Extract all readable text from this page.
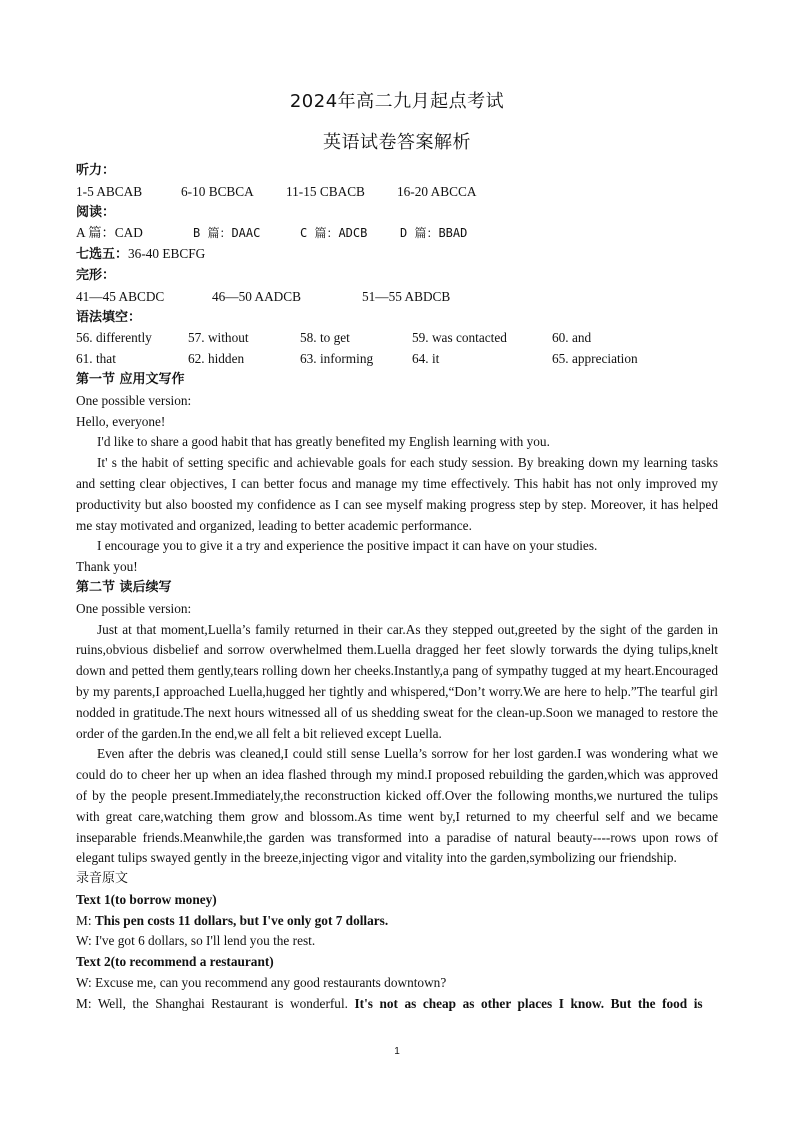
2024年高二九月起点考试
英语试卷答案解析
听力：
1-5 ABCAB	6-10 BCBCA	11-15 CBACB	16-20 ABCCA
阅读：
A 篇：CAD	B 篇：DAAC	C 篇：ADCB	D 篇：BBAD
七选五：36-40 EBCFG
完形：
41—45 ABCDC	46—50 AADCB	51—55 ABDCB
语法填空：
56. differently	57. without	58. to get	59. was contacted	60. and
61. that	62. hidden	63. informing	64. it	65. appreciation
第一节 应用文写作
One possible version:
Hello, everyone!
I'd like to share a good habit that has greatly benefited my English learning with you.
It' s the habit of setting specific and achievable goals for each study session. By breaking down my learning tasks and setting clear objectives, I can better focus and manage my time effectively. This habit has not only improved my productivity but also boosted my confidence as I can see myself making progress step by step. Moreover, it has helped me stay motivated and organized, leading to better academic performance.
I encourage you to give it a try and experience the positive impact it can have on your studies.
Thank you!
第二节 读后续写
One possible version:
Just at that moment,Luella’s family returned in their car.As they stepped out,greeted by the sight of the garden in ruins,obvious disbelief and sorrow overwhelmed them.Luella dragged her feet slowly torwards the dying tulips,knelt down and petted them gently,tears rolling down her cheeks.Instantly,a pang of sympathy tugged at my heart.Encouraged by my parents,I approached Luella,hugged her tightly and whispered,“Don’t worry.We are here to help.”The tearful girl nodded in gratitude.The next hours witnessed all of us shedding sweat for the clean-up.Soon we managed to restore the order of the garden.In the end,we all felt a bit relieved except Luella.
Even after the debris was cleaned,I could still sense Luella’s sorrow for her lost garden.I was wondering what we could do to cheer her up when an idea flashed through my mind.I proposed rebuilding the garden,which was approved of by the people present.Immediately,the reconstruction kicked off.Over the following months,we nurtured the tulips with great care,watching them grow and blossom.As time went by,I returned to my cheerful self and we became inseparable friends.Meanwhile,the garden was transformed into a paradise of natural beauty----rows upon rows of elegant tulips swayed gently in the breeze,injecting vigor and vitality into the garden,symbolizing our friendship.
录音原文
Text 1(to borrow money)
M: This pen costs 11 dollars, but I've only got 7 dollars.
W: I've got 6 dollars, so I'll lend you the rest.
Text 2(to recommend a restaurant)
W: Excuse me, can you recommend any good restaurants downtown?
M: Well, the Shanghai Restaurant is wonderful. It's not as cheap as other places I know. But the food is
1
